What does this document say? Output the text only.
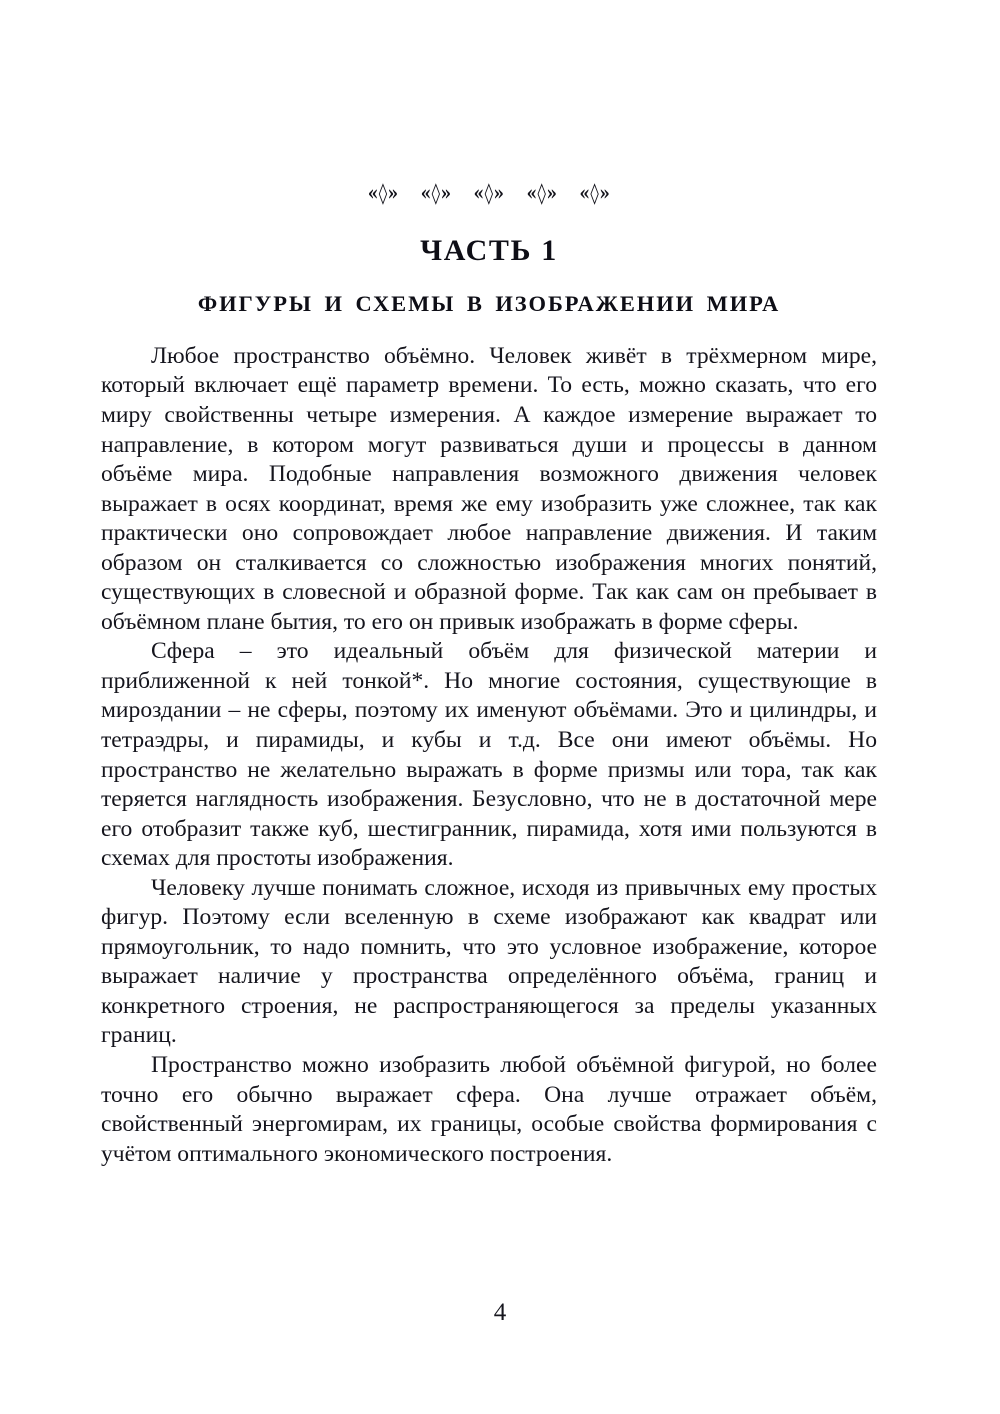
«◊» «◊» «◊» «◊» «◊»
ЧАСТЬ 1
ФИГУРЫ И СХЕМЫ В ИЗОБРАЖЕНИИ МИРА

Любое пространство объёмно. Человек живёт в трёхмерном мире, который включает ещё параметр времени. То есть, можно сказать, что его миру свойственны четыре измерения. А каждое измерение выражает то направление, в котором могут развиваться души и процессы в данном объёме мира. Подобные направления возможного движения человек выражает в осях координат, время же ему изобразить уже сложнее, так как практически оно сопровождает любое направление движения. И таким образом он сталкивается со сложностью изображения многих понятий, существующих в словесной и образной форме. Так как сам он пребывает в объёмном плане бытия, то его он привык изображать в форме сферы.

Сфера – это идеальный объём для физической материи и приближенной к ней тонкой*. Но многие состояния, существующие в мироздании – не сферы, поэтому их именуют объёмами. Это и цилиндры, и тетраэдры, и пирамиды, и кубы и т.д. Все они имеют объёмы. Но пространство не желательно выражать в форме призмы или тора, так как теряется наглядность изображения. Безусловно, что не в достаточной мере его отобразит также куб, шестигранник, пирамида, хотя ими пользуются в схемах для простоты изображения.

Человеку лучше понимать сложное, исходя из привычных ему простых фигур. Поэтому если вселенную в схеме изображают как квадрат или прямоугольник, то надо помнить, что это условное изображение, которое выражает наличие у пространства определённого объёма, границ и конкретного строения, не распространяющегося за пределы указанных границ.

Пространство можно изобразить любой объёмной фигурой, но более точно его обычно выражает сфера. Она лучше отражает объём, свойственный энергомирам, их границы, особые свойства формирования с учётом оптимального экономического построения.

4
